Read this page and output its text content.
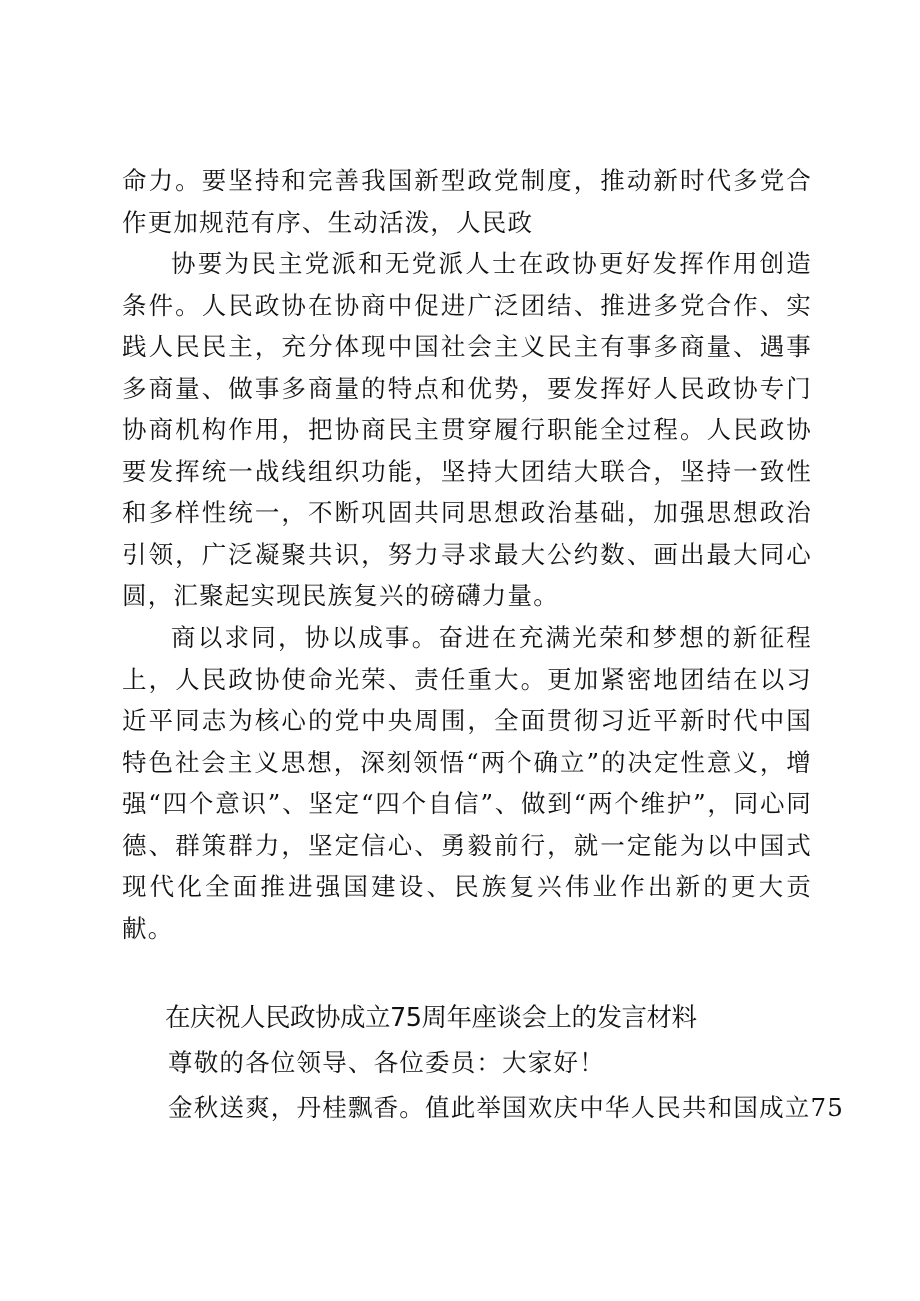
命力。要坚持和完善我国新型政党制度，推动新时代多党合作更加规范有序、生动活泼，人民政

协要为民主党派和无党派人士在政协更好发挥作用创造条件。人民政协在协商中促进广泛团结、推进多党合作、实践人民民主，充分体现中国社会主义民主有事多商量、遇事多商量、做事多商量的特点和优势，要发挥好人民政协专门协商机构作用，把协商民主贯穿履行职能全过程。人民政协要发挥统一战线组织功能，坚持大团结大联合，坚持一致性和多样性统一，不断巩固共同思想政治基础，加强思想政治引领，广泛凝聚共识，努力寻求最大公约数、画出最大同心圆，汇聚起实现民族复兴的磅礴力量。

商以求同，协以成事。奋进在充满光荣和梦想的新征程上，人民政协使命光荣、责任重大。更加紧密地团结在以习近平同志为核心的党中央周围，全面贯彻习近平新时代中国特色社会主义思想，深刻领悟“两个确立”的决定性意义，增强“四个意识”、坚定“四个自信”、做到“两个维护”，同心同德、群策群力，坚定信心、勇毅前行，就一定能为以中国式现代化全面推进强国建设、民族复兴伟业作出新的更大贡献。

在庆祝人民政协成立75周年座谈会上的发言材料

尊敬的各位领导、各位委员：大家好！

金秋送爽，丹桂飘香。值此举国欢庆中华人民共和国成立75
